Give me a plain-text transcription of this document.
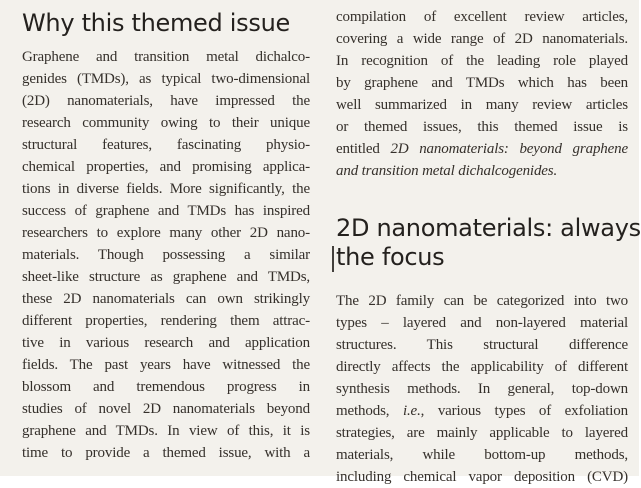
Why this themed issue
Graphene and transition metal dichalco-
genides (TMDs), as typical two-dimensional
(2D) nanomaterials, have impressed the
research community owing to their unique
structural features, fascinating physio-
chemical properties, and promising applica-
tions in diverse fields. More significantly, the
success of graphene and TMDs has inspired
researchers to explore many other 2D nano-
materials. Though possessing a similar
sheet-like structure as graphene and TMDs,
these 2D nanomaterials can own strikingly
different properties, rendering them attrac-
tive in various research and application
fields. The past years have witnessed the
blossom and tremendous progress in
studies of novel 2D nanomaterials beyond
graphene and TMDs. In view of this, it is
time to provide a themed issue, with a
compilation of excellent review articles,
covering a wide range of 2D nanomaterials.
In recognition of the leading role played
by graphene and TMDs which has been
well summarized in many review articles
or themed issues, this themed issue is
entitled 2D nanomaterials: beyond graphene
and transition metal dichalcogenides.
2D nanomaterials: always
the focus
The 2D family can be categorized into two
types – layered and non-layered material
structures. This structural difference
directly affects the applicability of different
synthesis methods. In general, top-down
methods, i.e., various types of exfoliation
strategies, are mainly applicable to layered
materials, while bottom-up methods,
including chemical vapor deposition (CVD)
